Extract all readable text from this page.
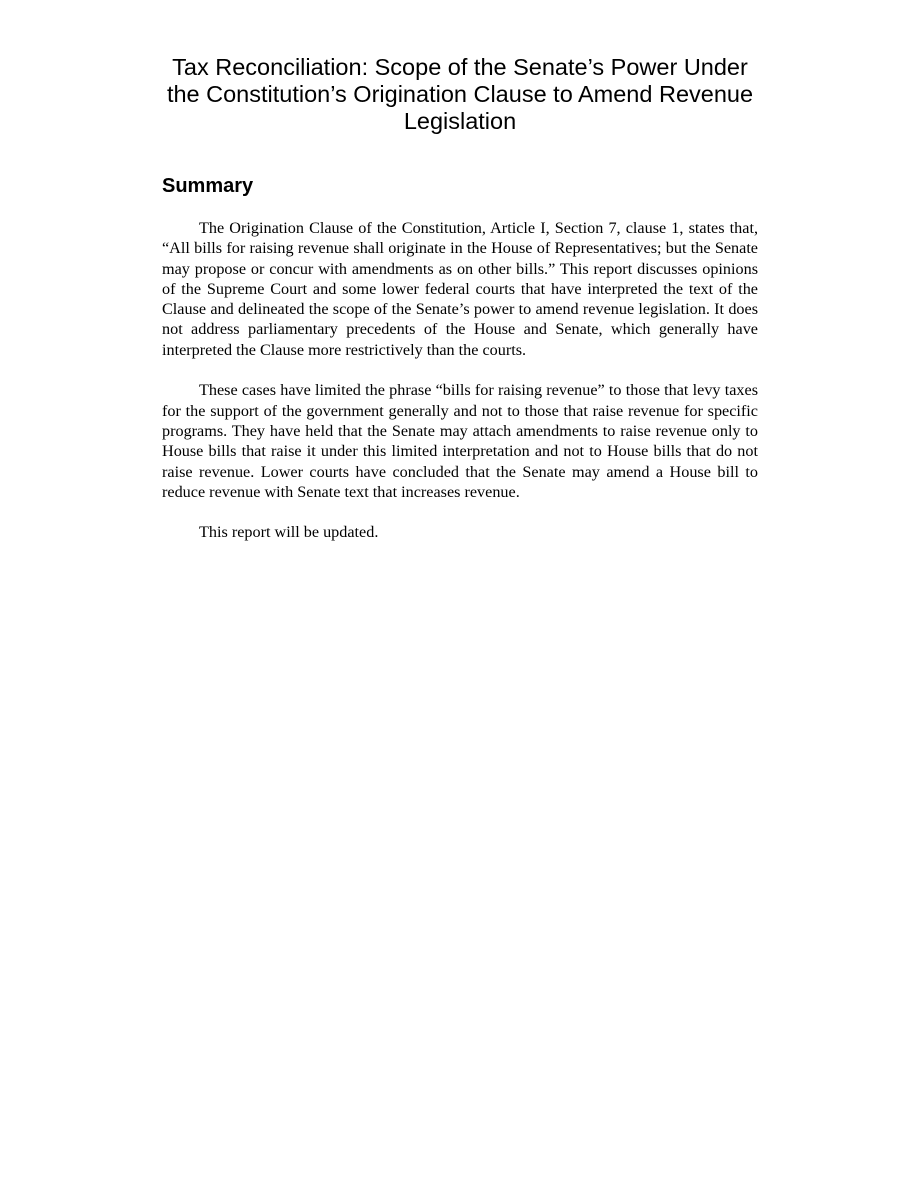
Tax Reconciliation: Scope of the Senate’s Power Under the Constitution’s Origination Clause to Amend Revenue Legislation
Summary

The Origination Clause of the Constitution, Article I, Section 7, clause 1, states that, “All bills for raising revenue shall originate in the House of Representatives; but the Senate may propose or concur with amendments as on other bills.” This report discusses opinions of the Supreme Court and some lower federal courts that have interpreted the text of the Clause and delineated the scope of the Senate’s power to amend revenue legislation. It does not address parliamentary precedents of the House and Senate, which generally have interpreted the Clause more restrictively than the courts.

These cases have limited the phrase “bills for raising revenue” to those that levy taxes for the support of the government generally and not to those that raise revenue for specific programs. They have held that the Senate may attach amendments to raise revenue only to House bills that raise it under this limited interpretation and not to House bills that do not raise revenue. Lower courts have concluded that the Senate may amend a House bill to reduce revenue with Senate text that increases revenue.

This report will be updated.
